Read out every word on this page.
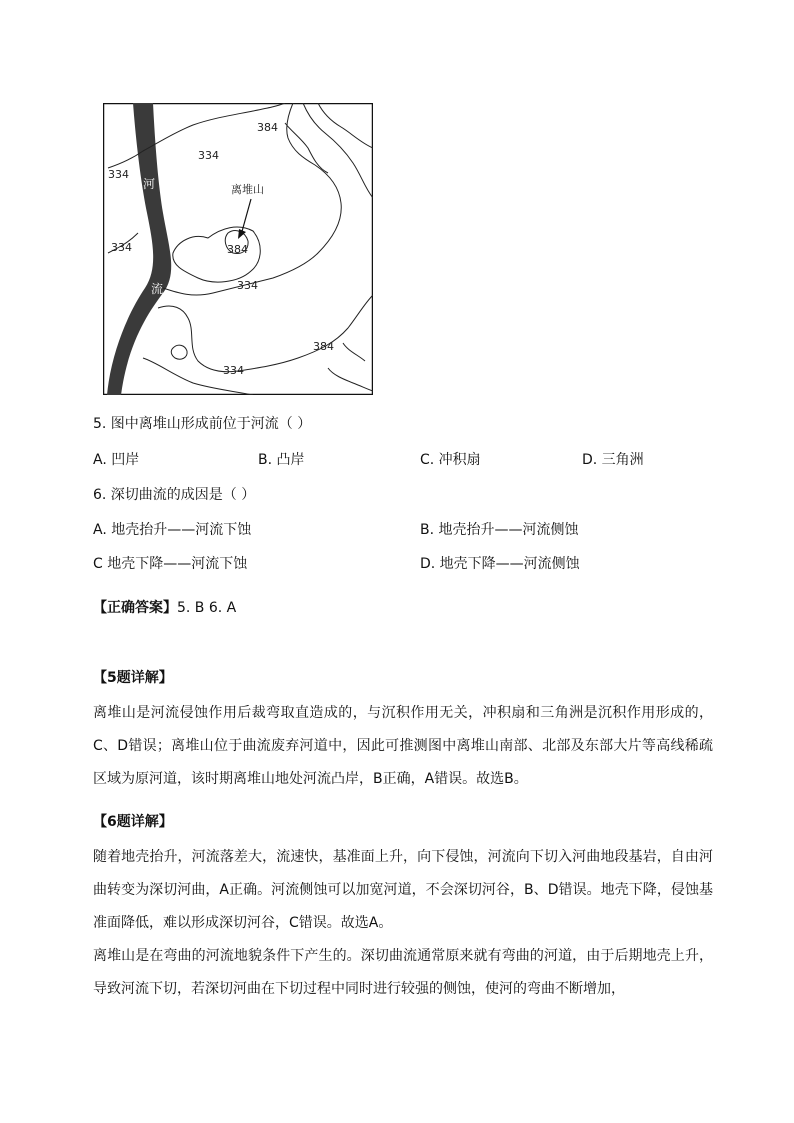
384
334
334
334	384
334
384
334
离堆山
河
流
5. 图中离堆山形成前位于河流（ ）
A. 凹岸	B. 凸岸	C. 冲积扇	D. 三角洲
6. 深切曲流的成因是（ ）
A. 地壳抬升——河流下蚀	B. 地壳抬升——河流侧蚀
C 地壳下降——河流下蚀	D. 地壳下降——河流侧蚀
【正确答案】5. B 6. A
【5题详解】
离堆山是河流侵蚀作用后裁弯取直造成的，与沉积作用无关，冲积扇和三角洲是沉积作用形成的，C、D错误；离堆山位于曲流废弃河道中，因此可推测图中离堆山南部、北部及东部大片等高线稀疏区域为原河道，该时期离堆山地处河流凸岸，B正确，A错误。故选B。
【6题详解】
随着地壳抬升，河流落差大，流速快，基准面上升，向下侵蚀，河流向下切入河曲地段基岩，自由河曲转变为深切河曲，A正确。河流侧蚀可以加宽河道，不会深切河谷，B、D错误。地壳下降，侵蚀基准面降低，难以形成深切河谷，C错误。故选A。
离堆山是在弯曲的河流地貌条件下产生的。深切曲流通常原来就有弯曲的河道，由于后期地壳上升，导致河流下切，若深切河曲在下切过程中同时进行较强的侧蚀，使河的弯曲不断增加，
